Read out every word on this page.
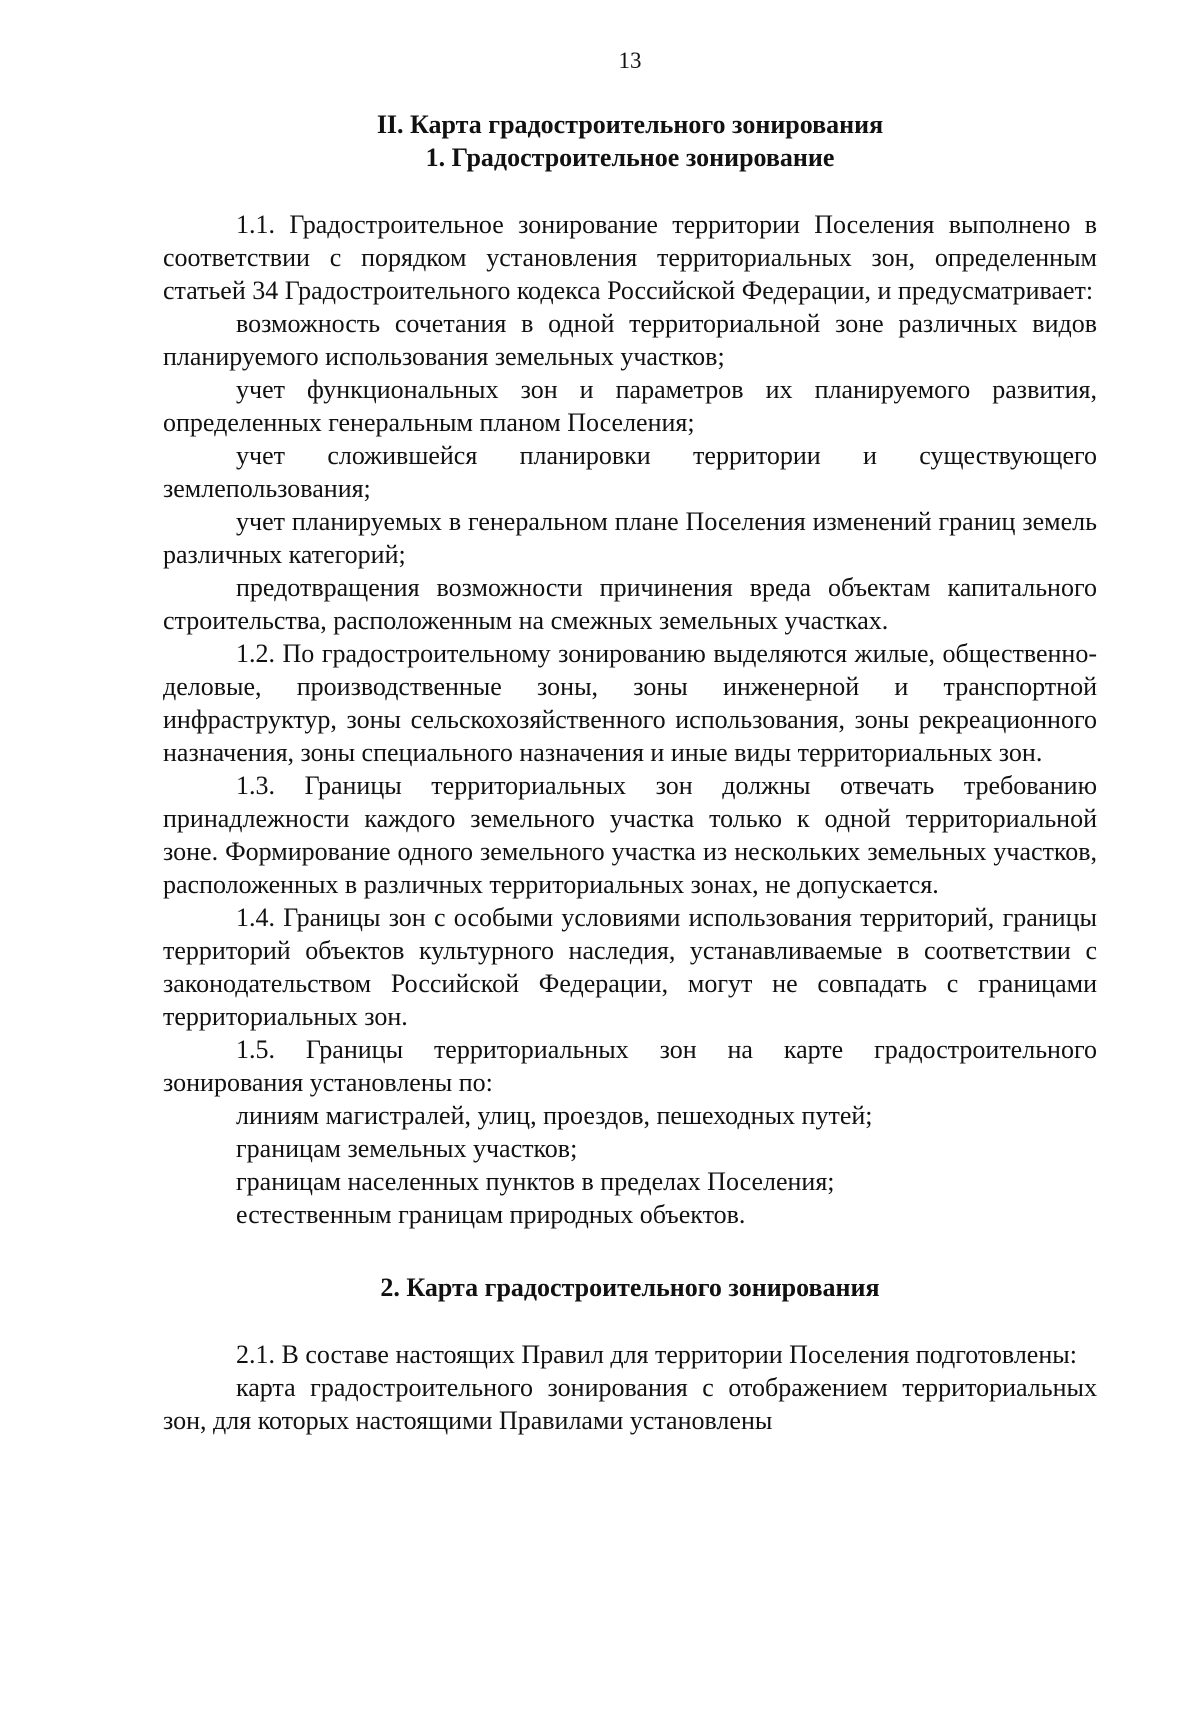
13

II. Карта градостроительного зонирования

1. Градостроительное зонирование

1.1. Градостроительное зонирование территории Поселения выполнено в соответствии с порядком установления территориальных зон, определенным статьей 34 Градостроительного кодекса Российской Федерации, и предусматривает:

возможность сочетания в одной территориальной зоне различных видов планируемого использования земельных участков;

учет функциональных зон и параметров их планируемого развития, определенных генеральным планом Поселения;

учет сложившейся планировки территории и существующего землепользования;

учет планируемых в генеральном плане Поселения изменений границ земель различных категорий;

предотвращения возможности причинения вреда объектам капитального строительства, расположенным на смежных земельных участках.

1.2. По градостроительному зонированию выделяются жилые, общественно-деловые, производственные зоны, зоны инженерной и транспортной инфраструктур, зоны сельскохозяйственного использования, зоны рекреационного назначения, зоны специального назначения и иные виды территориальных зон.

1.3. Границы территориальных зон должны отвечать требованию принадлежности каждого земельного участка только к одной территориальной зоне. Формирование одного земельного участка из нескольких земельных участков, расположенных в различных территориальных зонах, не допускается.

1.4. Границы зон с особыми условиями использования территорий, границы территорий объектов культурного наследия, устанавливаемые в соответствии с законодательством Российской Федерации, могут не совпадать с границами территориальных зон.

1.5. Границы территориальных зон на карте градостроительного зонирования установлены по:

линиям магистралей, улиц, проездов, пешеходных путей;

границам земельных участков;

границам населенных пунктов в пределах Поселения;

естественным границам природных объектов.

2. Карта градостроительного зонирования

2.1. В составе настоящих Правил для территории Поселения подготовлены:

карта градостроительного зонирования с отображением территориальных зон, для которых настоящими Правилами установлены
